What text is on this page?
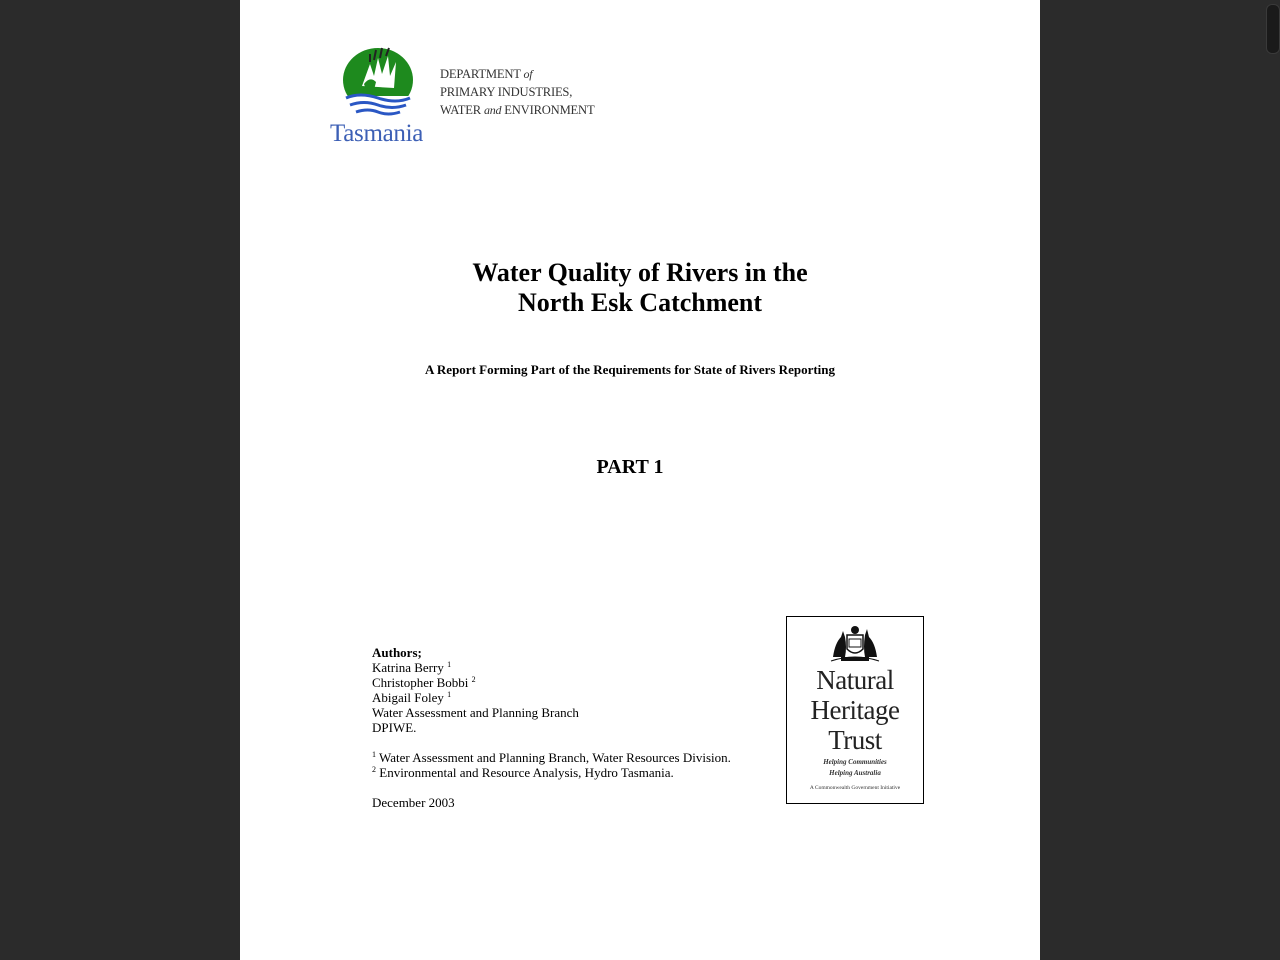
Tasmania
DEPARTMENT of
PRIMARY INDUSTRIES,
WATER and ENVIRONMENT
Water Quality of Rivers in the
North Esk Catchment
A Report Forming Part of the Requirements for State of Rivers Reporting
PART 1
Authors;
Katrina Berry $^1$
Christopher Bobbi $^2$
Abigail Foley $^1$
Water Assessment and Planning Branch
DPIWE.
$^1$ Water Assessment and Planning Branch, Water Resources Division.
$^2$ Environmental and Resource Analysis, Hydro Tasmania.
December 2003
Natural
Heritage
Trust
Helping Communities
Helping Australia
A Commonwealth Government Initiative
